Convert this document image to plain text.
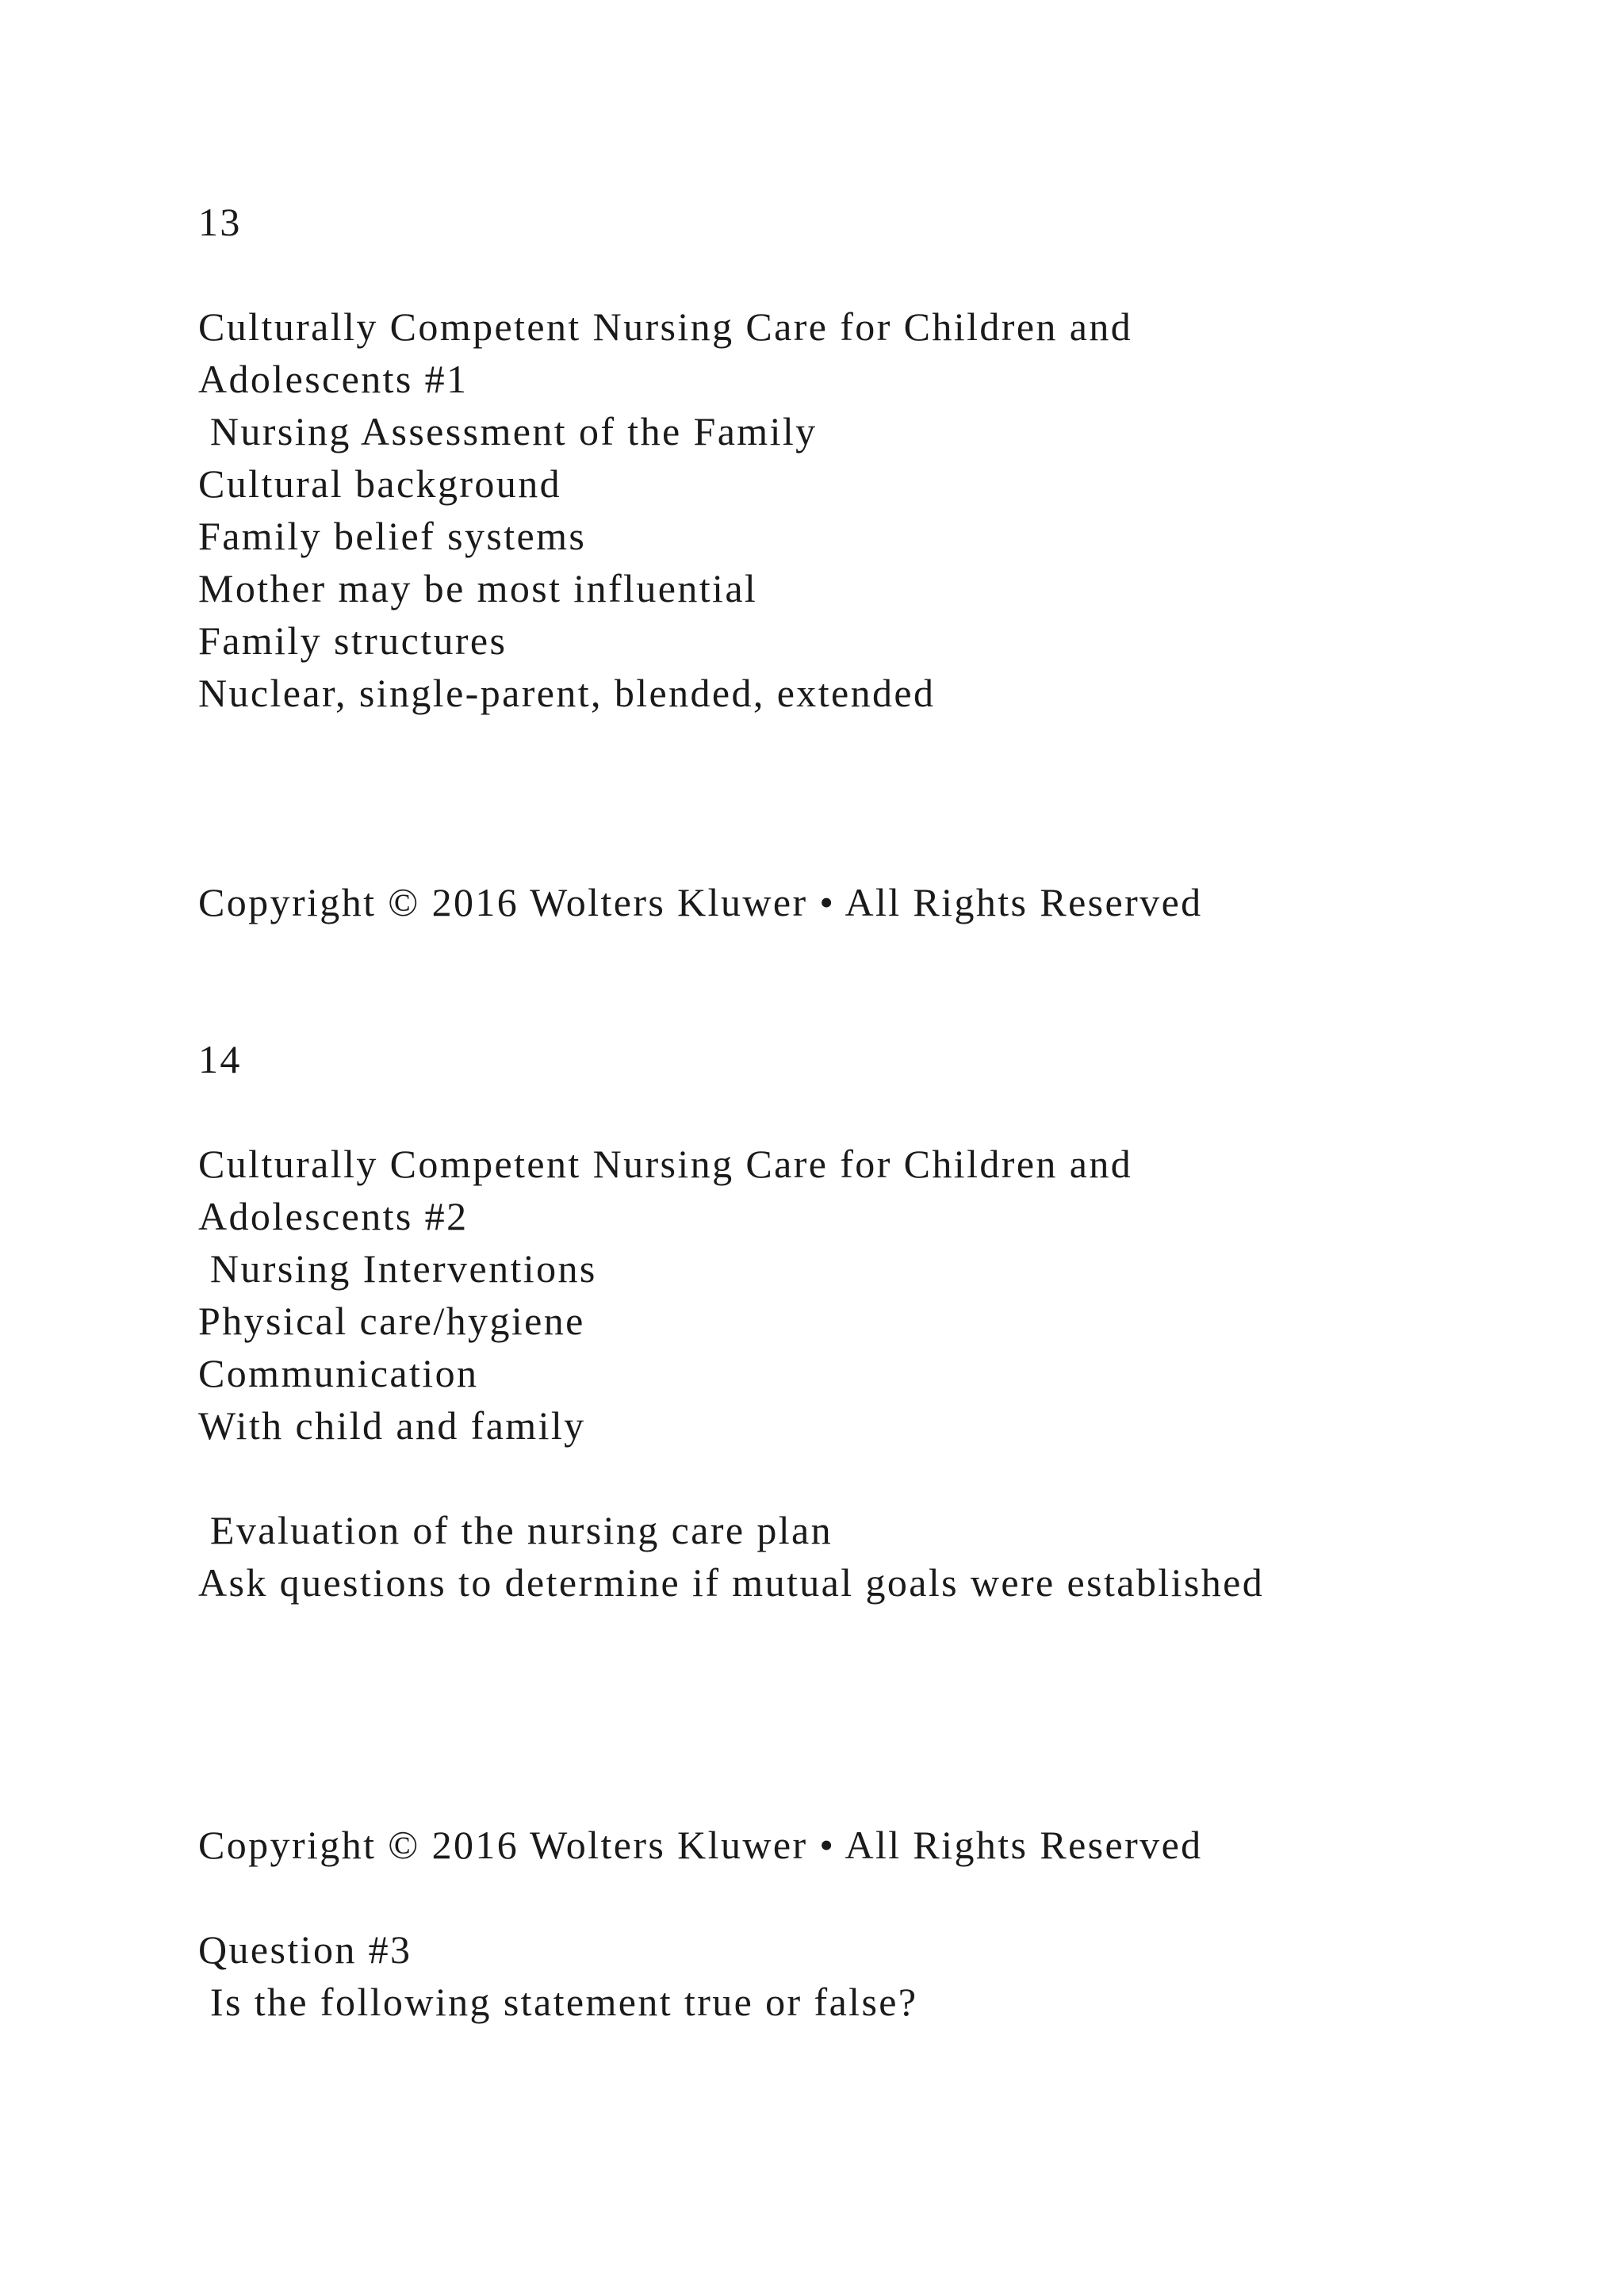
13

Culturally Competent Nursing Care for Children and

Adolescents #1

Nursing Assessment of the Family

Cultural background

Family belief systems

Mother may be most influential

Family structures

Nuclear, single-parent, blended, extended

Copyright © 2016 Wolters Kluwer • All Rights Reserved

14

Culturally Competent Nursing Care for Children and

Adolescents #2

Nursing Interventions

Physical care/hygiene

Communication

With child and family

Evaluation of the nursing care plan

Ask questions to determine if mutual goals were established

Copyright © 2016 Wolters Kluwer • All Rights Reserved

Question #3

Is the following statement true or false?
